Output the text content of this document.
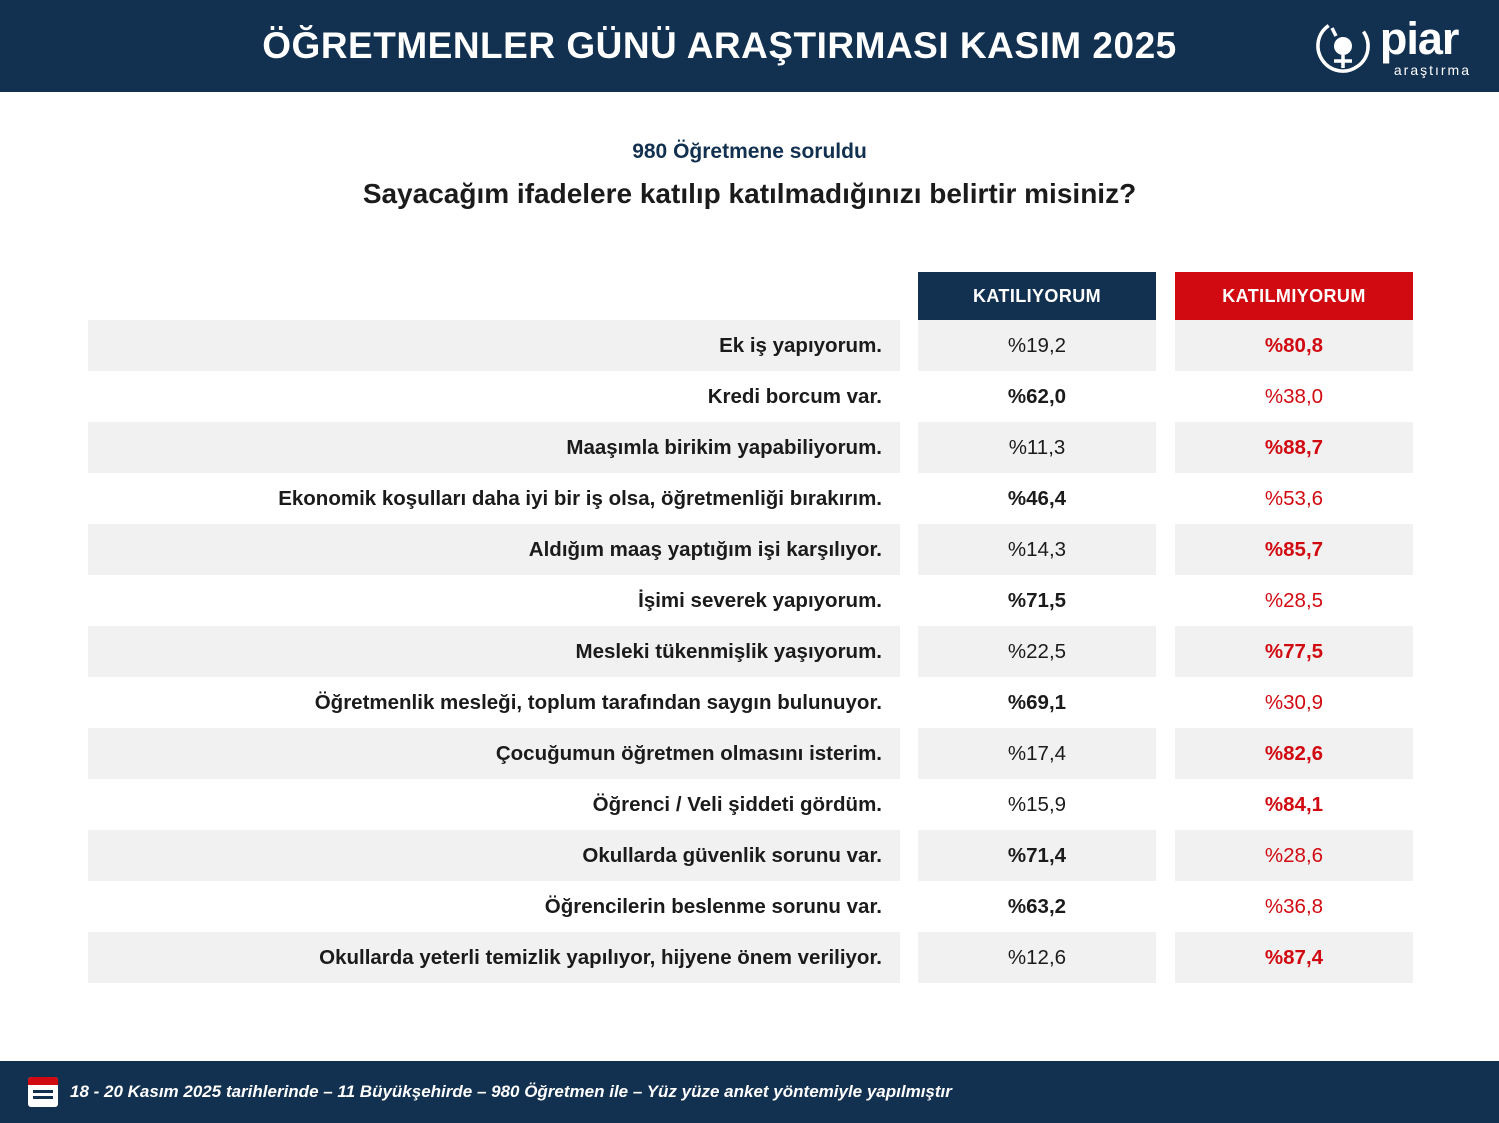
ÖĞRETMENLER GÜNÜ ARAŞTIRMASI KASIM 2025	piar
araştırma
980 Öğretmene soruldu
Sayacağım ifadelere katılıp katılmadığınızı belirtir misiniz?
KATILIYORUM	KATILMIYORUM
Ek iş yapıyorum.	%19,2	%80,8
Kredi borcum var.	%62,0	%38,0
Maaşımla birikim yapabiliyorum.	%11,3	%88,7
Ekonomik koşulları daha iyi bir iş olsa, öğretmenliği bırakırım.	%46,4	%53,6
Aldığım maaş yaptığım işi karşılıyor.	%14,3	%85,7
İşimi severek yapıyorum.	%71,5	%28,5
Mesleki tükenmişlik yaşıyorum.	%22,5	%77,5
Öğretmenlik mesleği, toplum tarafından saygın bulunuyor.	%69,1	%30,9
Çocuğumun öğretmen olmasını isterim.	%17,4	%82,6
Öğrenci / Veli şiddeti gördüm.	%15,9	%84,1
Okullarda güvenlik sorunu var.	%71,4	%28,6
Öğrencilerin beslenme sorunu var.	%63,2	%36,8
Okullarda yeterli temizlik yapılıyor, hijyene önem veriliyor.	%12,6	%87,4
18 - 20 Kasım 2025 tarihlerinde – 11 Büyükşehirde – 980 Öğretmen ile – Yüz yüze anket yöntemiyle yapılmıştır
